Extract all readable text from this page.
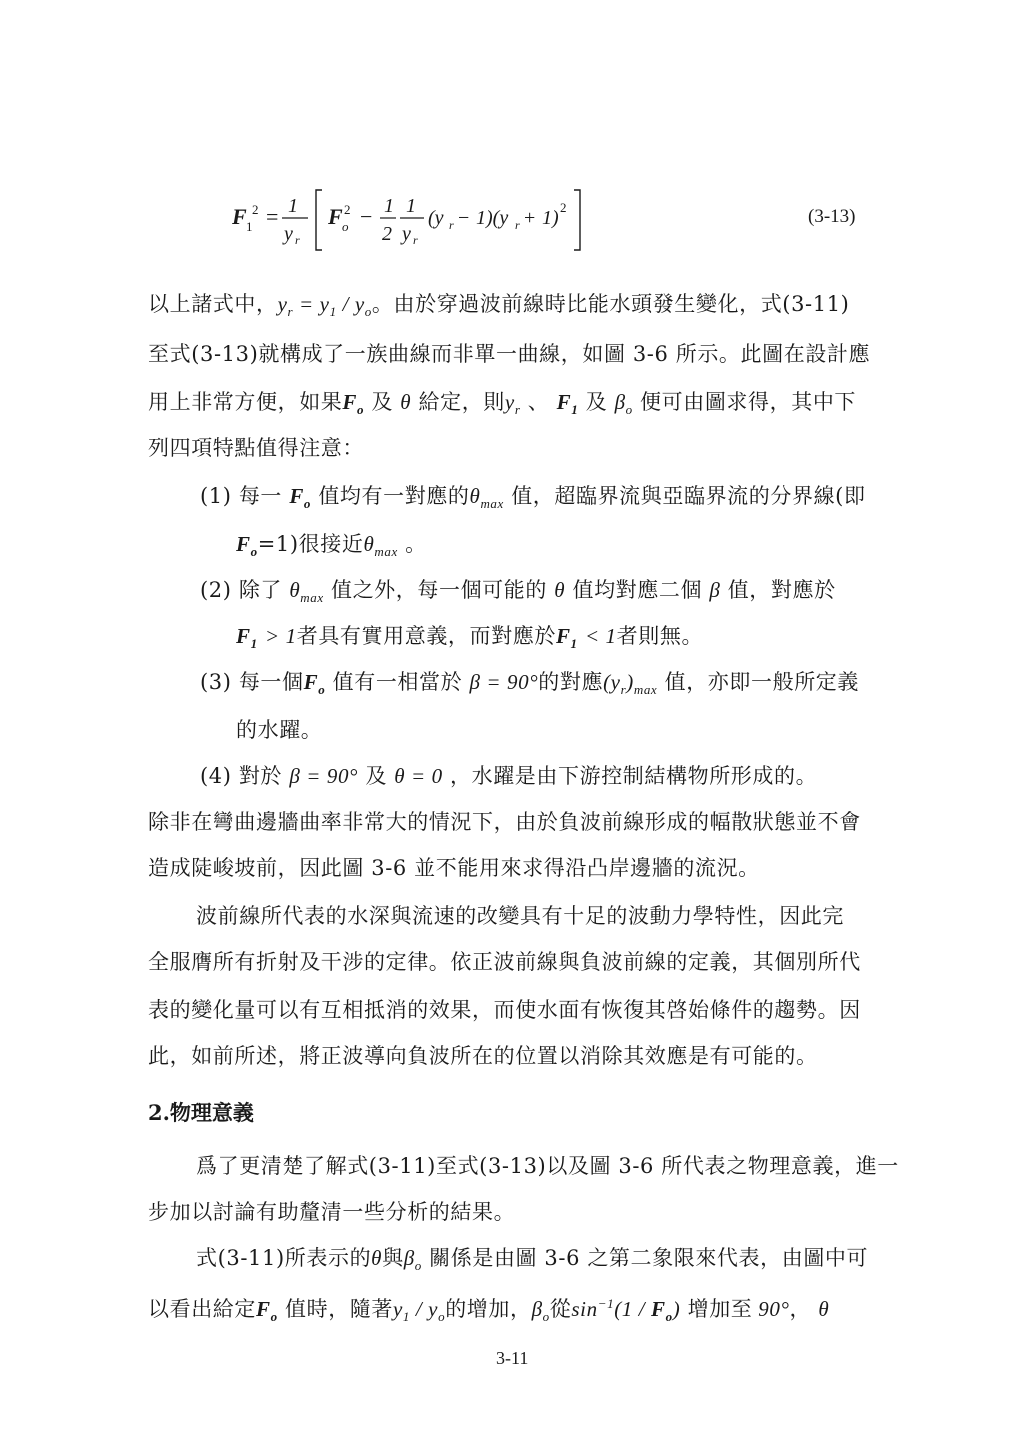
F 1
2 = 1
y r
F o
2 − 1
2
1
y r
(y r − 1)(y r + 1) 2	(3-13)
以上諸式中，$y_r = y_1 / y_o$。由於穿過波前線時比能水頭發生變化，式(3-11)
至式(3-13)就構成了一族曲線而非單一曲線，如圖 3-6 所示。此圖在設計應
用上非常方便，如果$F_o$ 及 θ 給定，則$y_r$ 、 $F_1$ 及 $\beta_o$ 便可由圖求得，其中下
列四項特點值得注意：
(1) 每一 $F_o$ 值均有一對應的$\theta_{max}$ 值，超臨界流與亞臨界流的分界線(即
$F_o=1$)很接近$\theta_{max}$ 。
(2) 除了 $\theta_{max}$ 值之外，每一個可能的 θ 值均對應二個 β 值，對應於
$F_1 > 1$者具有實用意義，而對應於$F_1 < 1$者則無。
(3) 每一個$F_o$ 值有一相當於 β = 90°的對應$(y_r)_{max}$ 值，亦即一般所定義
的水躍。
(4) 對於 β = 90° 及 θ = 0 ，水躍是由下游控制結構物所形成的。
除非在彎曲邊牆曲率非常大的情況下，由於負波前線形成的幅散狀態並不會
造成陡峻坡前，因此圖 3-6 並不能用來求得沿凸岸邊牆的流況。
波前線所代表的水深與流速的改變具有十足的波動力學特性，因此完
全服膺所有折射及干涉的定律。依正波前線與負波前線的定義，其個別所代
表的變化量可以有互相抵消的效果，而使水面有恢復其啓始條件的趨勢。因
此，如前所述，將正波導向負波所在的位置以消除其效應是有可能的。
2.物理意義
爲了更清楚了解式(3-11)至式(3-13)以及圖 3-6 所代表之物理意義，進一
步加以討論有助釐清一些分析的結果。
式(3-11)所表示的θ與$\beta_o$ 關係是由圖 3-6 之第二象限來代表，由圖中可
以看出給定$F_o$ 值時，隨著$y_1 / y_o$的增加，$\beta_o$從$\sin^{-1}(1 / F_o)$ 增加至 90°， θ
3-11
